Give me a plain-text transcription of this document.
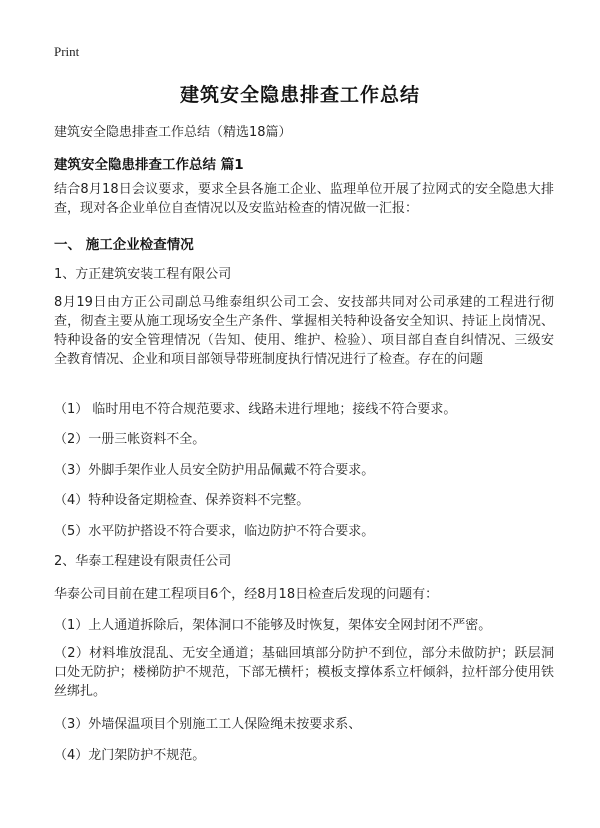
Print
建筑安全隐患排查工作总结
建筑安全隐患排查工作总结（精选18篇）
建筑安全隐患排查工作总结 篇1
结合8月18日会议要求，要求全县各施工企业、监理单位开展了拉网式的安全隐患大排查，现对各企业单位自查情况以及安监站检查的情况做一汇报：
一、 施工企业检查情况
1、方正建筑安装工程有限公司
8月19日由方正公司副总马维泰组织公司工会、安技部共同对公司承建的工程进行彻查，彻查主要从施工现场安全生产条件、掌握相关特种设备安全知识、持证上岗情况、特种设备的安全管理情况（告知、使用、维护、检验）、项目部自查自纠情况、三级安全教育情况、企业和项目部领导带班制度执行情况进行了检查。存在的问题
（1） 临时用电不符合规范要求、线路未进行埋地；接线不符合要求。
（2）一册三帐资料不全。
（3）外脚手架作业人员安全防护用品佩戴不符合要求。
（4）特种设备定期检查、保养资料不完整。
（5）水平防护搭设不符合要求，临边防护不符合要求。
2、华泰工程建设有限责任公司
华泰公司目前在建工程项目6个，经8月18日检查后发现的问题有：
（1）上人通道拆除后，架体洞口不能够及时恢复，架体安全网封闭不严密。
（2）材料堆放混乱、无安全通道；基础回填部分防护不到位，部分未做防护；跃层洞口处无防护；楼梯防护不规范，下部无横杆；模板支撑体系立杆倾斜，拉杆部分使用铁丝绑扎。
（3）外墙保温项目个别施工工人保险绳未按要求系、
（4）龙门架防护不规范。
